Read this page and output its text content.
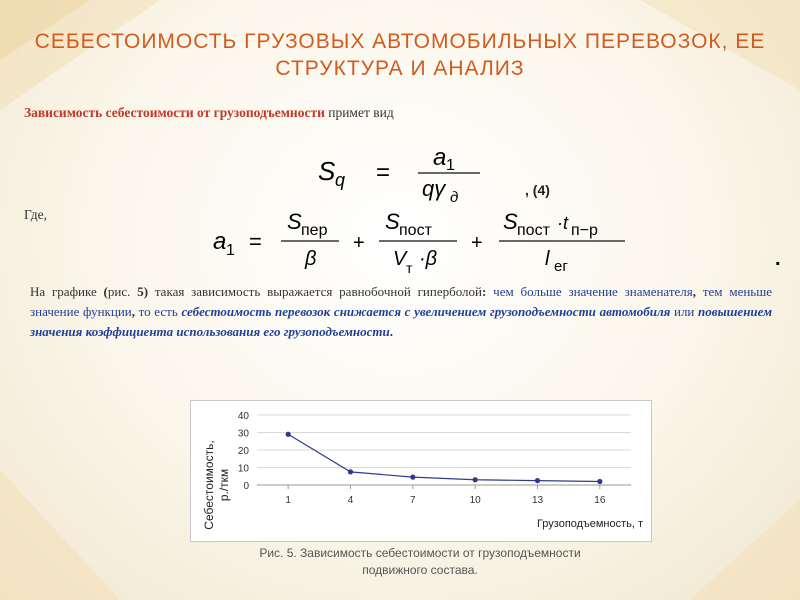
СЕБЕСТОИМОСТЬ ГРУЗОВЫХ АВТОМОБИЛЬНЫХ ПЕРЕВОЗОК, ЕЕ СТРУКТУРА И АНАЛИЗ
Зависимость себестоимости от грузоподъемности примет вид
S q =
a 1
qγ д	, (4)
Где,
a 1 =
S пер
β
+
S пост
V т ·β
+
S пост ·t п−р
l ег	.
На графике (рис. 5) такая зависимость выражается равнобочной гиперболой: чем больше значение знаменателя, тем меньше значение функции, то есть себестоимость перевозок снижается с увеличением грузоподъемности автомобиля или повышением значения коэффициента использования его грузоподъемности.
Себестоимость, р./ткм
Грузоподъемность, т
0
10
20
30
40
1	4	7	10	13	16
Рис. 5. Зависимость себестоимости от грузоподъемности
подвижного состава.
